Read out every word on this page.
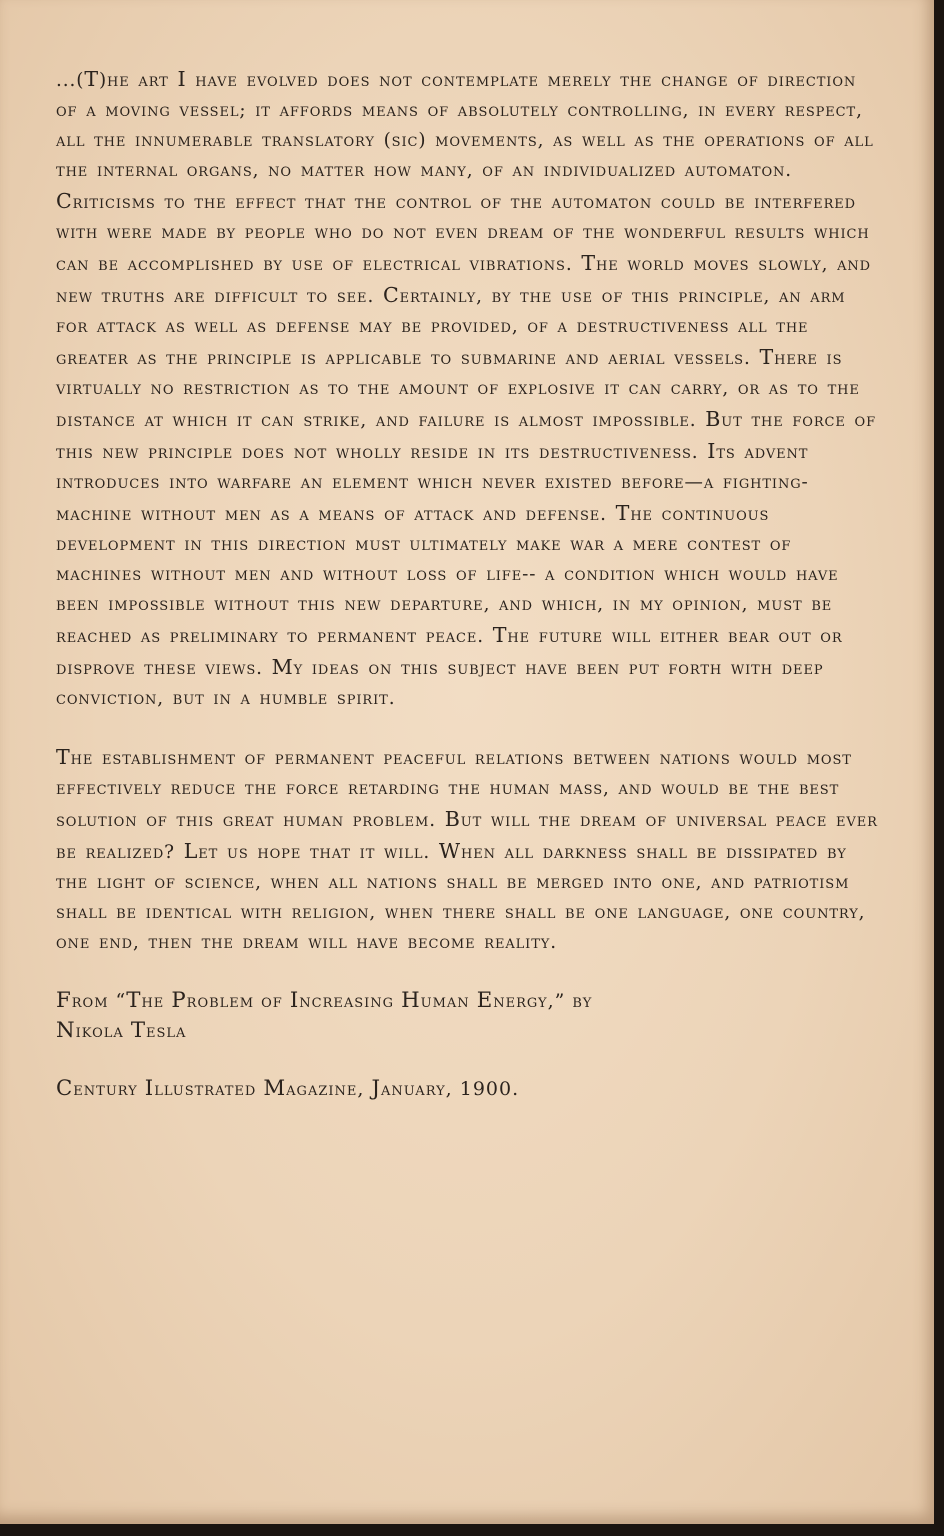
...(T)he art I have evolved does not contemplate merely the change of direction of a moving vessel; it affords means of absolutely controlling, in every respect, all the innumerable translatory (sic) movements, as well as the operations of all the internal organs, no matter how many, of an individualized automaton. Criticisms to the effect that the control of the automaton could be interfered with were made by people who do not even dream of the wonderful results which can be accomplished by use of electrical vibrations. The world moves slowly, and new truths are difficult to see. Certainly, by the use of this principle, an arm for attack as well as defense may be provided, of a destructiveness all the greater as the principle is applicable to submarine and aerial vessels. There is virtually no restriction as to the amount of explosive it can carry, or as to the distance at which it can strike, and failure is almost impossible. But the force of this new principle does not wholly reside in its destructiveness. Its advent introduces into warfare an element which never existed before—a fighting-machine without men as a means of attack and defense. The continuous development in this direction must ultimately make war a mere contest of machines without men and without loss of life-- a condition which would have been impossible without this new departure, and which, in my opinion, must be reached as preliminary to permanent peace. The future will either bear out or disprove these views. My ideas on this subject have been put forth with deep conviction, but in a humble spirit.

The establishment of permanent peaceful relations between nations would most effectively reduce the force retarding the human mass, and would be the best solution of this great human problem. But will the dream of universal peace ever be realized? Let us hope that it will. When all darkness shall be dissipated by the light of science, when all nations shall be merged into one, and patriotism shall be identical with religion, when there shall be one language, one country, one end, then the dream will have become reality.

From “The Problem of Increasing Human Energy,” by
Nikola Tesla
Century Illustrated Magazine, January, 1900.
